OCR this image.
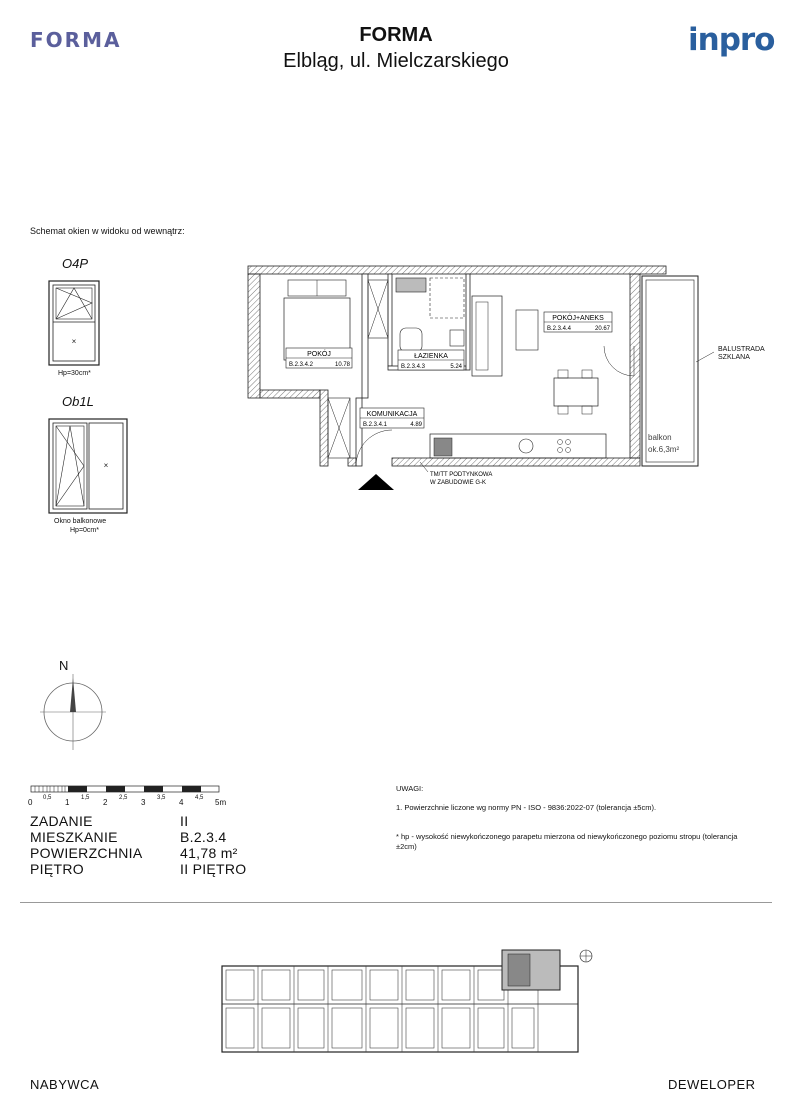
FORMA	FORMA
Elbląg, ul. Mielczarskiego
inpro
Schemat okien w widoku od wewnątrz:
O4P
×
Hp=30cm*
Ob1L
×
Okno balkonowe
Hp=0cm*
POKÓJ
B.2.3.4.2	10.78
ŁAZIENKA
B.2.3.4.3	5.24
POKÓJ+ANEKS
B.2.3.4.4	20.67
KOMUNIKACJA
B.2.3.4.1	4.89
balkon
ok.6,3m²
TM/TT PODTYNKOWA
W ZABUDOWIE G-K
BALUSTRADA
SZKLANA
N
0	1	2	3	4	5m
0,5	1,5	2,5	3,5	4,5
ZADANIE	II
MIESZKANIE	B.2.3.4
POWIERZCHNIA	41,78 m²
PIĘTRO	II PIĘTRO
UWAGI:
1. Powierzchnie liczone wg normy PN - ISO - 9836:2022-07 (tolerancja ±5cm).
* hp - wysokość niewykończonego parapetu mierzona od niewykończonego poziomu stropu (tolerancja
±2cm)
NABYWCA	DEWELOPER
